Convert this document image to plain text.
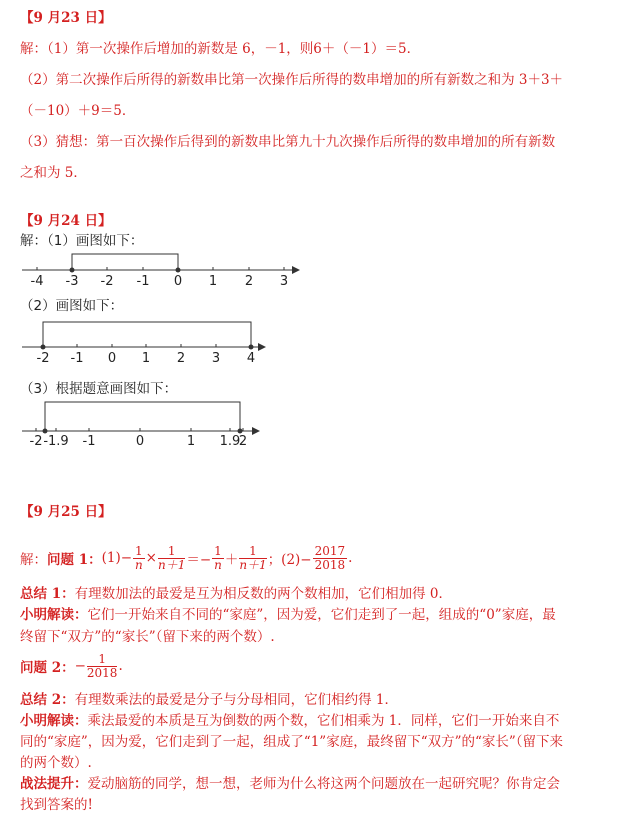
【9 月23 日】
解：（1）第一次操作后增加的新数是 6，－1，则6＋（－1）＝5．
（2）第二次操作后所得的新数串比第一次操作后所得的数串增加的所有新数之和为 3＋3＋
（－10）＋9＝5．
（3）猜想：第一百次操作后得到的新数串比第九十九次操作后所得的数串增加的所有新数
之和为 5．
【9 月24 日】
解：（1）画图如下：
-4 -3 -2 -1 0 1 2 3
（2）画图如下：
-2 -1 0 1 2 3 4
（3）根据题意画图如下：
-2 -1.9 -1	0	1 1.9
2
【9 月25 日】
解： 问题 1： $(1)- \frac{1}{n} \times \frac{1}{n+1} =- \frac{1}{n} + \frac{1}{n+1}$ ；$(2)- \frac{2017}{2018}$ .
总结 1：有理数加法的最爱是互为相反数的两个数相加，它们相加得 0．
小明解读：它们一开始来自不同的“家庭”，因为爱，它们走到了一起，组成的“0”家庭，最
终留下“双方”的“家长”（留下来的两个数）.
问题 2： − $\frac{1}{2018}$ .
总结 2：有理数乘法的最爱是分子与分母相同，它们相约得 1．
小明解读：乘法最爱的本质是互为倒数的两个数，它们相乘为 1．同样，它们一开始来自不
同的“家庭”，因为爱，它们走到了一起，组成了“1”家庭，最终留下“双方”的“家长”（留下来
的两个数）.
战法提升：爱动脑筋的同学，想一想，老师为什么将这两个问题放在一起研究呢？你肯定会
找到答案的!
